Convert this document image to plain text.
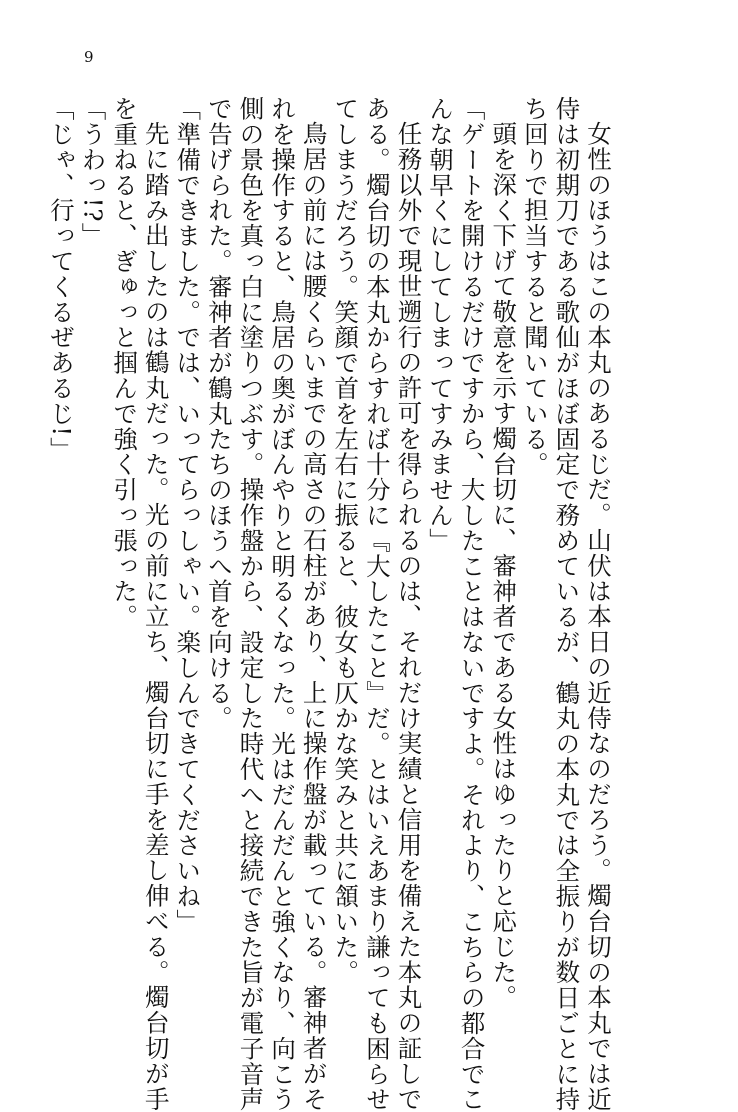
9

女性のほうはこの本丸のあるじだ。山伏は本日の近侍なのだろう。燭台切の本丸では近

侍は初期刀である歌仙がほぼ固定で務めているが、鶴丸の本丸では全振りが数日ごとに持

ち回りで担当すると聞いている。

頭を深く下げて敬意を示す燭台切に、審神者である女性はゆったりと応じた。

「ゲートを開けるだけですから、大したことはないですよ。それより、こちらの都合でこ

んな朝早くにしてしまってすみません」

任務以外で現世遡行の許可を得られるのは、それだけ実績と信用を備えた本丸の証しで

ある。燭台切の本丸からすれば十分に『大したこと』だ。とはいえあまり謙っても困らせ

てしまうだろう。笑顔で首を左右に振ると、彼女も仄かな笑みと共に頷いた。

鳥居の前には腰くらいまでの高さの石柱があり、上に操作盤が載っている。審神者がそ

れを操作すると、鳥居の奥がぼんやりと明るくなった。光はだんだんと強くなり、向こう

側の景色を真っ白に塗りつぶす。操作盤から、設定した時代へと接続できた旨が電子音声

で告げられた。審神者が鶴丸たちのほうへ首を向ける。

「準備できました。では、いってらっしゃい。楽しんできてくださいね」

先に踏み出したのは鶴丸だった。光の前に立ち、燭台切に手を差し伸べる。燭台切が手

を重ねると、ぎゅっと掴んで強く引っ張った。

「うわっ!?」

「じゃ、行ってくるぜあるじ!」
